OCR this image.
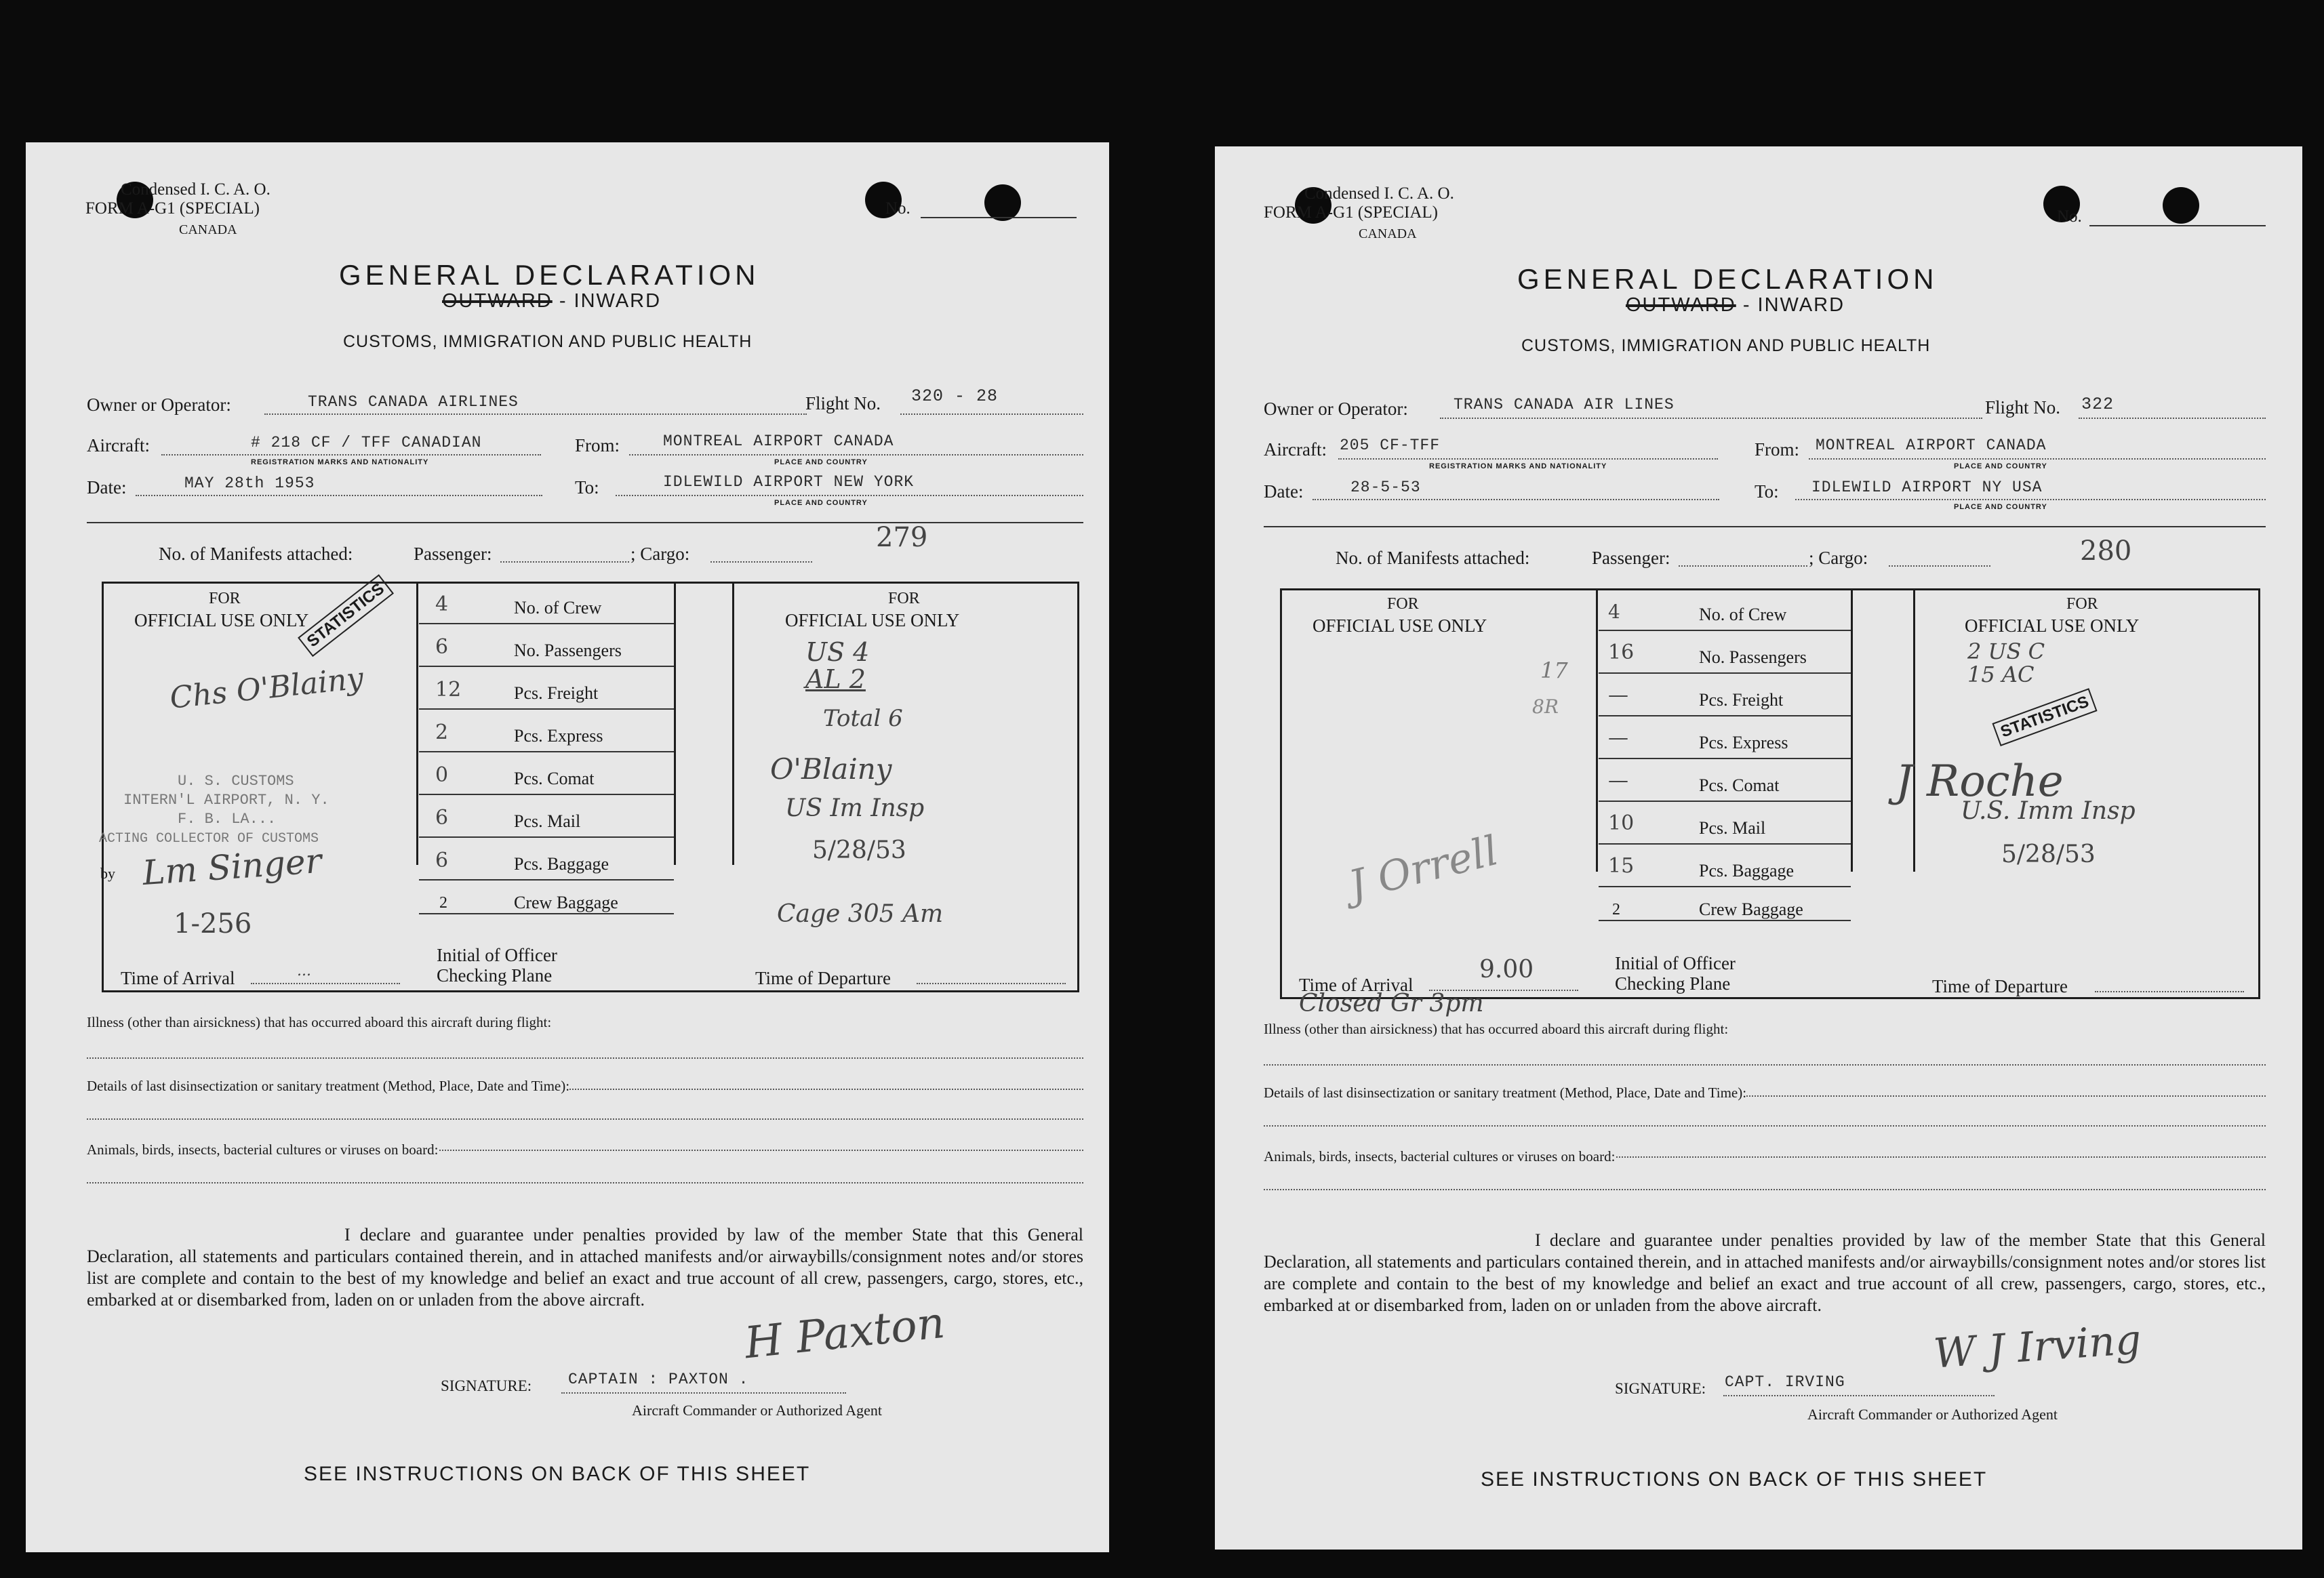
Condensed I. C. A. O.
FORM A-G1 (SPECIAL)
CANADA
No.
GENERAL DECLARATION
OUTWARD - INWARD
CUSTOMS, IMMIGRATION AND PUBLIC HEALTH
Owner or Operator:	TRANS CANADA AIRLINES	Flight No. 320 - 28
Aircraft:	# 218 CF / TFF CANADIAN
REGISTRATION MARKS AND NATIONALITY
From:	MONTREAL AIRPORT CANADA
PLACE AND COUNTRY
Date:	MAY 28th 1953	To:	IDLEWILD AIRPORT NEW YORK
PLACE AND COUNTRY
No. of Manifests attached:	Passenger:	; Cargo:
279
FOR
OFFICIAL USE ONLY
STATISTICS	FOR
OFFICIAL USE ONLY
4	No. of Crew
6	No. Passengers
12	Pcs. Freight
2	Pcs. Express
0	Pcs. Comat
6	Pcs. Mail
6	Pcs. Baggage
2	Crew Baggage
Initial of Officer
Checking Plane
Time of Arrival	...	Time of Departure
Chs O'Blainy
U. S. CUSTOMS
INTERN'L AIRPORT, N. Y.
F. B. LA...
ACTING COLLECTOR OF CUSTOMS
by Lm Singer
1-256
US 4
AL 2
Total 6
O'Blainy
US Im Insp
5/28/53
Cage 305 Am
Illness (other than airsickness) that has occurred aboard this aircraft during flight:
Details of last disinsectization or sanitary treatment (Method, Place, Date and Time):
Animals, birds, insects, bacterial cultures or viruses on board:
I declare and guarantee under penalties provided by law of the member State that this General Declaration, all statements and particulars contained therein, and in attached manifests and/or airwaybills/consignment notes and/or stores list are complete and contain to the best of my knowledge and belief an exact and true account of all crew, passengers, cargo, stores, etc., embarked at or disembarked from, laden on or unladen from the above aircraft.
SIGNATURE: CAPTAIN : PAXTON .
H Paxton
Aircraft Commander or Authorized Agent
SEE INSTRUCTIONS ON BACK OF THIS SHEET
Condensed I. C. A. O.
FORM A-G1 (SPECIAL)
CANADA
No.
GENERAL DECLARATION
OUTWARD - INWARD
CUSTOMS, IMMIGRATION AND PUBLIC HEALTH
Owner or Operator:	TRANS CANADA AIR LINES	Flight No. 322
Aircraft: 205 CF-TFF
REGISTRATION MARKS AND NATIONALITY
From: MONTREAL AIRPORT CANADA
PLACE AND COUNTRY
Date:	28-5-53	To: IDLEWILD AIRPORT NY USA
PLACE AND COUNTRY
No. of Manifests attached:	Passenger:	; Cargo:	280
FOR
OFFICIAL USE ONLY
FOR
OFFICIAL USE ONLY
STATISTICS
4	No. of Crew
16	No. Passengers
—	Pcs. Freight
—	Pcs. Express
—	Pcs. Comat
10	Pcs. Mail
15	Pcs. Baggage
2	Crew Baggage
Initial of Officer
Checking Plane
Time of Arrival
9.00
Time of Departure
Closed Gr 3pm
17
8R
J Orrell
2 US C
15 AC
J Roche
U.S. Imm Insp
5/28/53
Illness (other than airsickness) that has occurred aboard this aircraft during flight:
Details of last disinsectization or sanitary treatment (Method, Place, Date and Time):
Animals, birds, insects, bacterial cultures or viruses on board:
I declare and guarantee under penalties provided by law of the member State that this General Declaration, all statements and particulars contained therein, and in attached manifests and/or airwaybills/consignment notes and/or stores list are complete and contain to the best of my knowledge and belief an exact and true account of all crew, passengers, cargo, stores, etc., embarked at or disembarked from, laden on or unladen from the above aircraft.
SIGNATURE: CAPT. IRVING
W J Irving
Aircraft Commander or Authorized Agent
SEE INSTRUCTIONS ON BACK OF THIS SHEET
